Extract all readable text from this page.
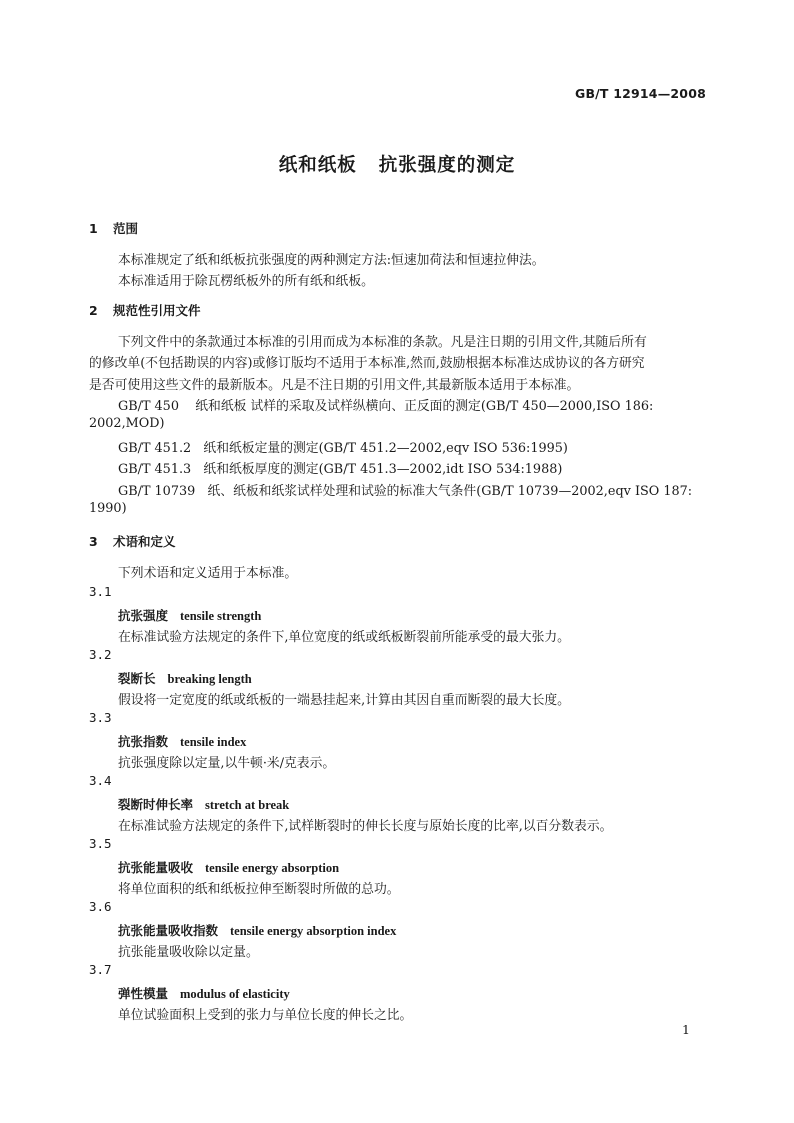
GB/T 12914—2008
纸和纸板 抗张强度的测定
1 范围
本标准规定了纸和纸板抗张强度的两种测定方法:恒速加荷法和恒速拉伸法。
本标准适用于除瓦楞纸板外的所有纸和纸板。
2 规范性引用文件
下列文件中的条款通过本标准的引用而成为本标准的条款。凡是注日期的引用文件,其随后所有
的修改单(不包括勘误的内容)或修订版均不适用于本标准,然而,鼓励根据本标准达成协议的各方研究
是否可使用这些文件的最新版本。凡是不注日期的引用文件,其最新版本适用于本标准。
GB/T 450 纸和纸板 试样的采取及试样纵横向、正反面的测定(GB/T 450—2000,ISO 186:
2002,MOD)
GB/T 451.2 纸和纸板定量的测定(GB/T 451.2—2002,eqv ISO 536:1995)
GB/T 451.3 纸和纸板厚度的测定(GB/T 451.3—2002,idt ISO 534:1988)
GB/T 10739 纸、纸板和纸浆试样处理和试验的标准大气条件(GB/T 10739—2002,eqv ISO 187:
1990)
3 术语和定义
下列术语和定义适用于本标准。
3.1
抗张强度 tensile strength
在标准试验方法规定的条件下,单位宽度的纸或纸板断裂前所能承受的最大张力。
3.2
裂断长 breaking length
假设将一定宽度的纸或纸板的一端悬挂起来,计算由其因自重而断裂的最大长度。
3.3
抗张指数 tensile index
抗张强度除以定量,以牛顿·米/克表示。
3.4
裂断时伸长率 stretch at break
在标准试验方法规定的条件下,试样断裂时的伸长长度与原始长度的比率,以百分数表示。
3.5
抗张能量吸收 tensile energy absorption
将单位面积的纸和纸板拉伸至断裂时所做的总功。
3.6
抗张能量吸收指数 tensile energy absorption index
抗张能量吸收除以定量。
3.7
弹性模量 modulus of elasticity
单位试验面积上受到的张力与单位长度的伸长之比。
1
